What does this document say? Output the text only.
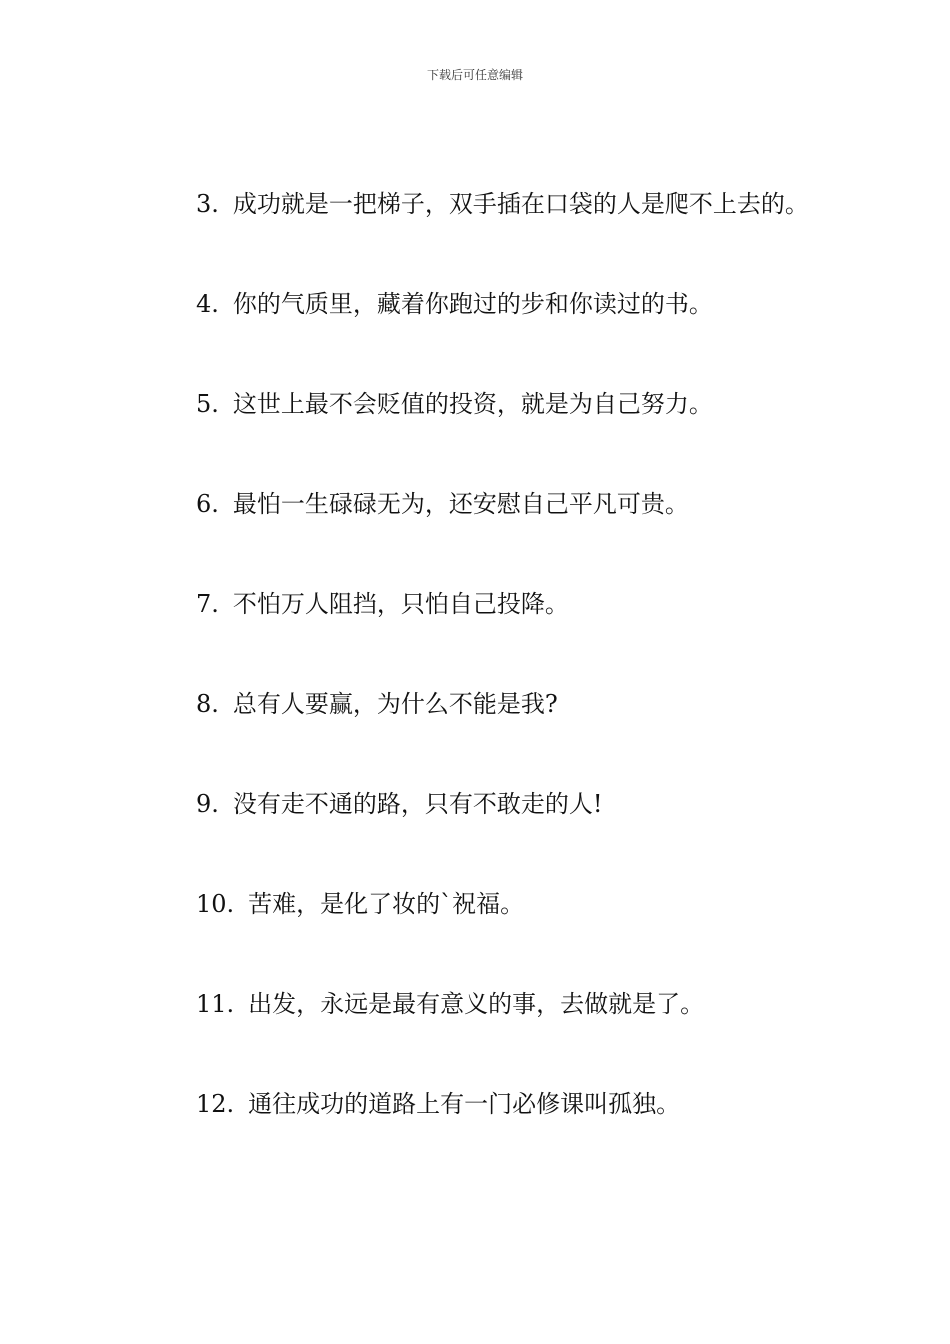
下载后可任意编辑

3. 成功就是一把梯子，双手插在口袋的人是爬不上去的。

4. 你的气质里，藏着你跑过的步和你读过的书。

5. 这世上最不会贬值的投资，就是为自己努力。

6. 最怕一生碌碌无为，还安慰自己平凡可贵。

7. 不怕万人阻挡，只怕自己投降。

8. 总有人要赢，为什么不能是我?

9. 没有走不通的路，只有不敢走的人!

10. 苦难，是化了妆的`祝福。

11. 出发，永远是最有意义的事，去做就是了。

12. 通往成功的道路上有一门必修课叫孤独。
